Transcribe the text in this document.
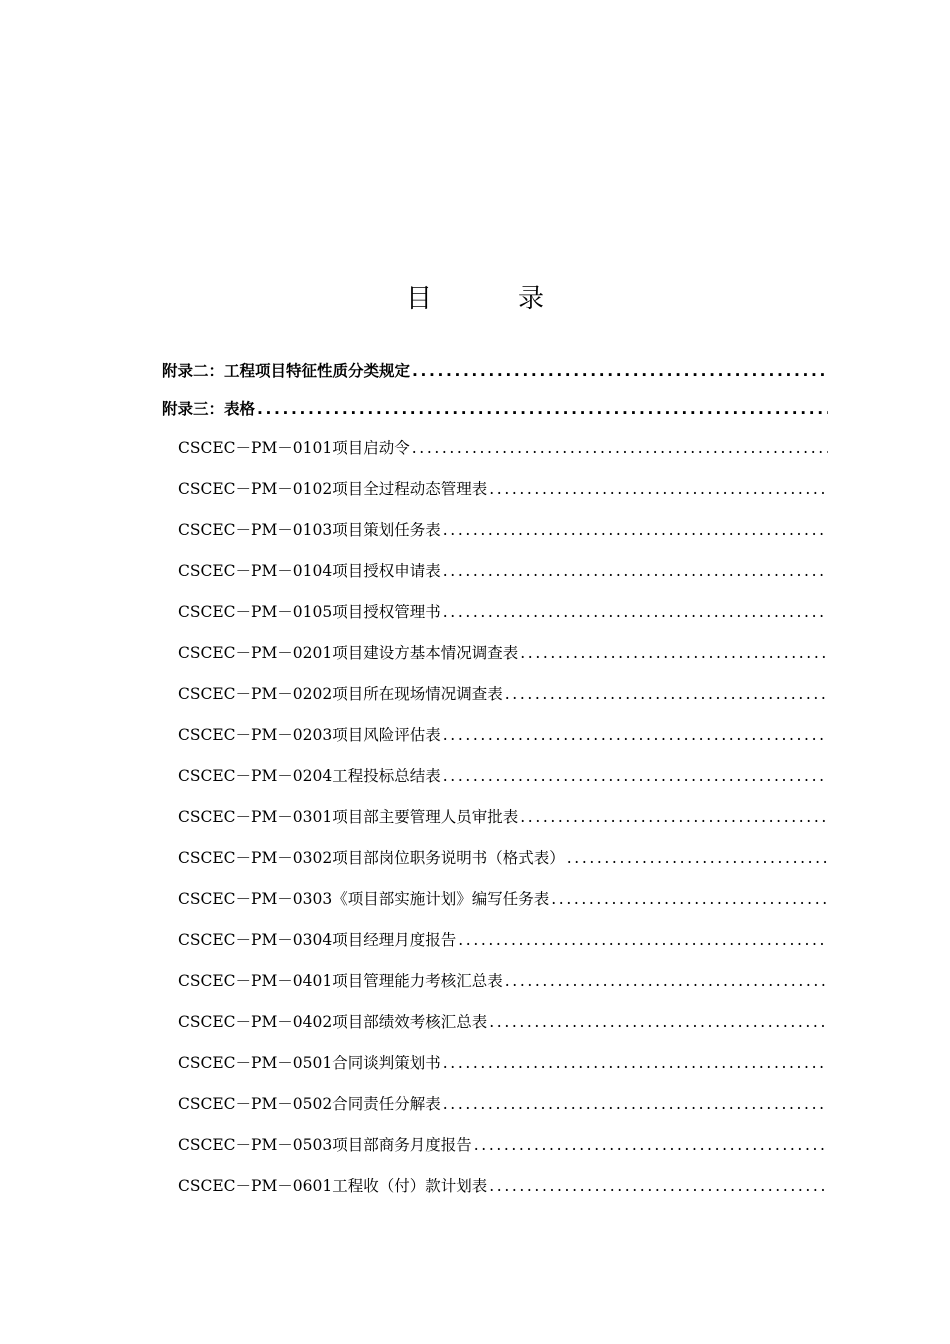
目　录
附录二：工程项目特征性质分类规定
.....
附录三：表格
.....
CSCEC－PM－0101项目启动令
.....
CSCEC－PM－0102项目全过程动态管理表
.....
CSCEC－PM－0103项目策划任务表
.....
CSCEC－PM－0104项目授权申请表
.....
CSCEC－PM－0105项目授权管理书
.....
CSCEC－PM－0201项目建设方基本情况调查表
.....
CSCEC－PM－0202项目所在现场情况调查表
.....
CSCEC－PM－0203项目风险评估表
.....
CSCEC－PM－0204工程投标总结表
.....
CSCEC－PM－0301项目部主要管理人员审批表
.....
CSCEC－PM－0302项目部岗位职务说明书（格式表）
.....
CSCEC－PM－0303《项目部实施计划》编写任务表
.....
CSCEC－PM－0304项目经理月度报告
.....
CSCEC－PM－0401项目管理能力考核汇总表
.....
CSCEC－PM－0402项目部绩效考核汇总表
.....
CSCEC－PM－0501合同谈判策划书
.....
CSCEC－PM－0502合同责任分解表
.....
CSCEC－PM－0503项目部商务月度报告
.....
CSCEC－PM－0601工程收（付）款计划表
.....
